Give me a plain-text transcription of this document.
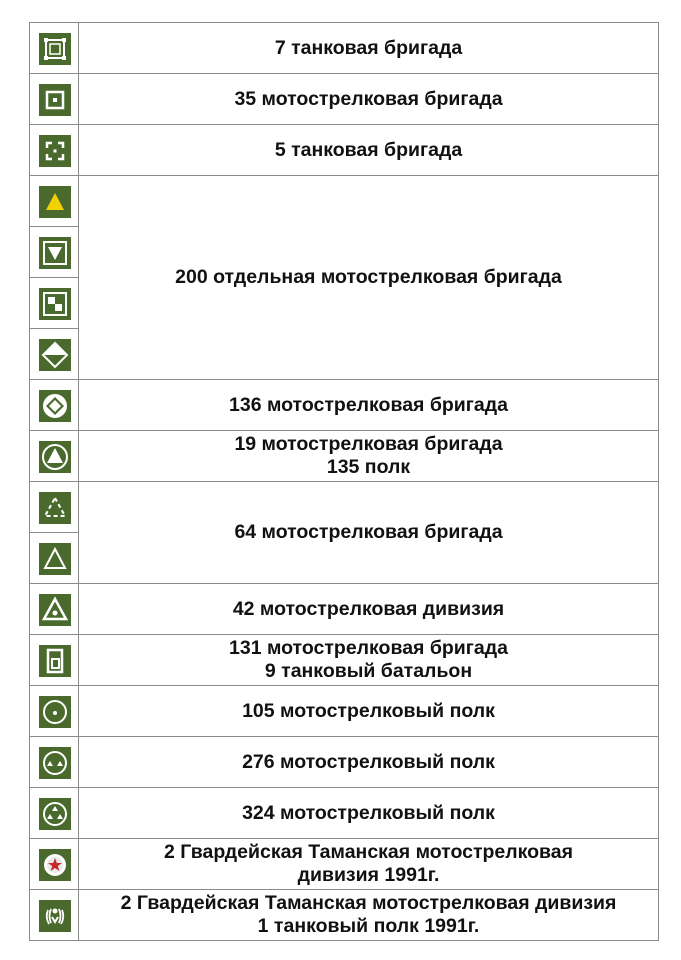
7 танковая бригада
35 мотострелковая бригада
5 танковая бригада
200 отдельная мотострелковая бригада
136 мотострелковая бригада
19 мотострелковая бригада
135 полк
64 мотострелковая бригада
42 мотострелковая дивизия
131 мотострелковая бригада
9 танковый батальон
105 мотострелковый полк
276 мотострелковый полк
324 мотострелковый полк
2 Гвардейская Таманская мотострелковая
дивизия 1991г.
2 Гвардейская Таманская мотострелковая дивизия
1 танковый полк 1991г.
